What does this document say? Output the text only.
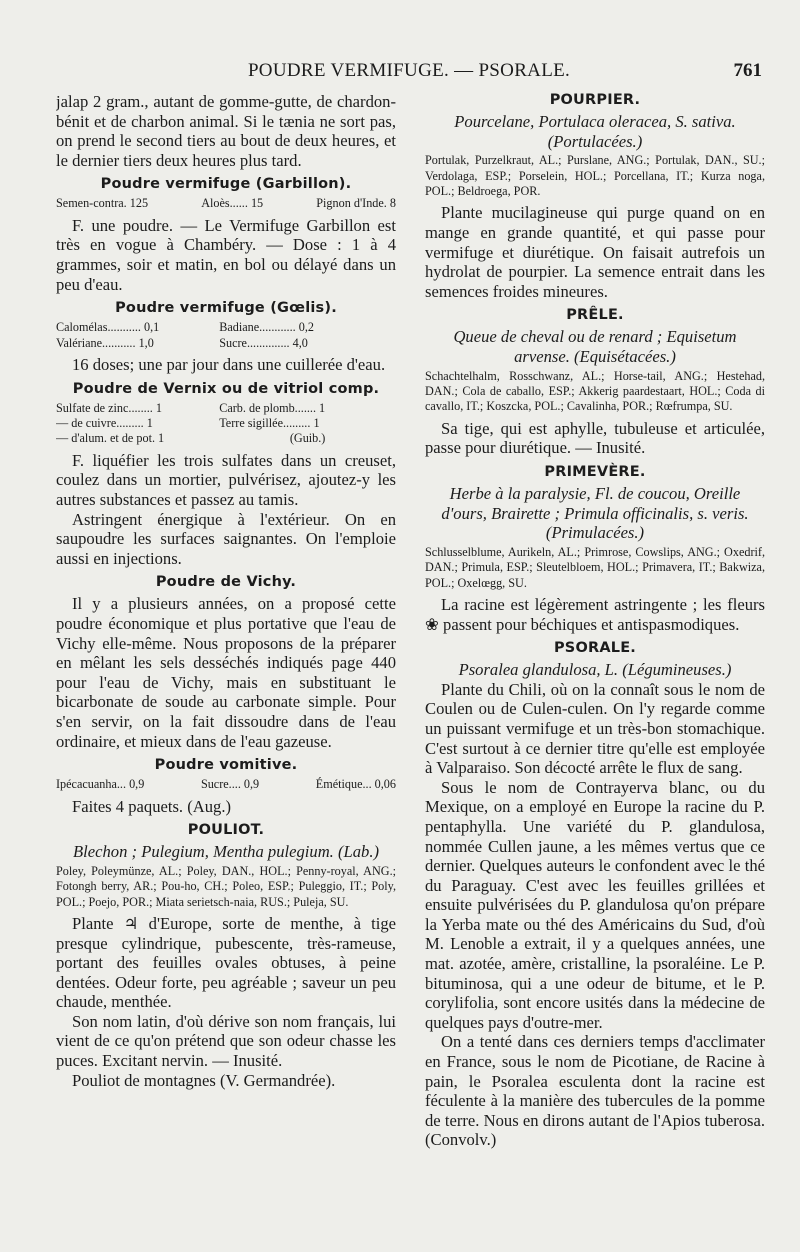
POUDRE VERMIFUGE. — PSORALE.	761

jalap 2 gram., autant de gomme-gutte, de chardon-bénit et de charbon animal. Si le tænia ne sort pas, on prend le second tiers au bout de deux heures, et le dernier tiers deux heures plus tard.

Poudre vermifuge (Garbillon).
Semen-contra. 125	Aloès...... 15	Pignon d'Inde. 8

F. une poudre. — Le Vermifuge Garbillon est très en vogue à Chambéry. — Dose : 1 à 4 grammes, soir et matin, en bol ou délayé dans un peu d'eau.

Poudre vermifuge (Gœlis).
Calomélas........... 0,1	Badiane............ 0,2
Valériane........... 1,0	Sucre.............. 4,0

16 doses; une par jour dans une cuillerée d'eau.

Poudre de Vernix ou de vitriol comp.
Sulfate de zinc........ 1	Carb. de plomb....... 1
— de cuivre......... 1	Terre sigillée......... 1
— d'alum. et de pot. 1	(Guib.)

F. liquéfier les trois sulfates dans un creuset, coulez dans un mortier, pulvérisez, ajoutez-y les autres substances et passez au tamis.

Astringent énergique à l'extérieur. On en saupoudre les surfaces saignantes. On l'emploie aussi en injections.

Poudre de Vichy.

Il y a plusieurs années, on a proposé cette poudre économique et plus portative que l'eau de Vichy elle-même. Nous proposons de la préparer en mêlant les sels desséchés indiqués page 440 pour l'eau de Vichy, mais en substituant le bicarbonate de soude au carbonate simple. Pour s'en servir, on la fait dissoudre dans de l'eau ordinaire, et mieux dans de l'eau gazeuse.

Poudre vomitive.
Ipécacuanha... 0,9	Sucre.... 0,9	Émétique... 0,06

Faites 4 paquets. (Aug.)

POULIOT.
Blechon ; Pulegium, Mentha pulegium. (Lab.)
Poley, Poleymünze, AL.; Poley, DAN., HOL.; Penny-royal, ANG.; Fotongh berry, AR.; Pou-ho, CH.; Poleo, ESP.; Puleggio, IT.; Poly, POL.; Poejo, POR.; Miata serietsch-naia, RUS.; Puleja, SU.

Plante ♃ d'Europe, sorte de menthe, à tige presque cylindrique, pubescente, très-rameuse, portant des feuilles ovales obtuses, à peine dentées. Odeur forte, peu agréable ; saveur un peu chaude, menthée.

Son nom latin, d'où dérive son nom français, lui vient de ce qu'on prétend que son odeur chasse les puces. Excitant nervin. — Inusité.

Pouliot de montagnes (V. Germandrée).

POURPIER.
Pourcelane, Portulaca oleracea, S. sativa. (Portulacées.)
Portulak, Purzelkraut, AL.; Purslane, ANG.; Portulak, DAN., SU.; Verdolaga, ESP.; Porselein, HOL.; Porcellana, IT.; Kurza noga, POL.; Beldroega, POR.

Plante mucilagineuse qui purge quand on en mange en grande quantité, et qui passe pour vermifuge et diurétique. On faisait autrefois un hydrolat de pourpier. La semence entrait dans les semences froides mineures.

PRÊLE.
Queue de cheval ou de renard ; Equisetum arvense. (Equisétacées.)
Schachtelhalm, Rosschwanz, AL.; Horse-tail, ANG.; Hestehad, DAN.; Cola de caballo, ESP.; Akkerig paardestaart, HOL.; Coda di cavallo, IT.; Koszcka, POL.; Cavalinha, POR.; Rœfrumpa, SU.

Sa tige, qui est aphylle, tubuleuse et articulée, passe pour diurétique. — Inusité.

PRIMEVÈRE.
Herbe à la paralysie, Fl. de coucou, Oreille d'ours, Brairette ; Primula officinalis, s. veris. (Primulacées.)
Schlusselblume, Aurikeln, AL.; Primrose, Cowslips, ANG.; Oxedrif, DAN.; Primula, ESP.; Sleutelbloem, HOL.; Primavera, IT.; Bakwiza, POL.; Oxelœgg, SU.

La racine est légèrement astringente ; les fleurs ❀ passent pour béchiques et antispasmodiques.

PSORALE.
Psoralea glandulosa, L. (Légumineuses.)

Plante du Chili, où on la connaît sous le nom de Coulen ou de Culen-culen. On l'y regarde comme un puissant vermifuge et un très-bon stomachique. C'est surtout à ce dernier titre qu'elle est employée à Valparaiso. Son décocté arrête le flux de sang.

Sous le nom de Contrayerva blanc, ou du Mexique, on a employé en Europe la racine du P. pentaphylla. Une variété du P. glandulosa, nommée Cullen jaune, a les mêmes vertus que ce dernier. Quelques auteurs le confondent avec le thé du Paraguay. C'est avec les feuilles grillées et ensuite pulvérisées du P. glandulosa qu'on prépare la Yerba mate ou thé des Américains du Sud, d'où M. Lenoble a extrait, il y a quelques années, une mat. azotée, amère, cristalline, la psoraléine. Le P. bituminosa, qui a une odeur de bitume, et le P. corylifolia, sont encore usités dans la médecine de quelques pays d'outre-mer.

On a tenté dans ces derniers temps d'acclimater en France, sous le nom de Picotiane, de Racine à pain, le Psoralea esculenta dont la racine est féculente à la manière des tubercules de la pomme de terre. Nous en dirons autant de l'Apios tuberosa. (Convolv.)
